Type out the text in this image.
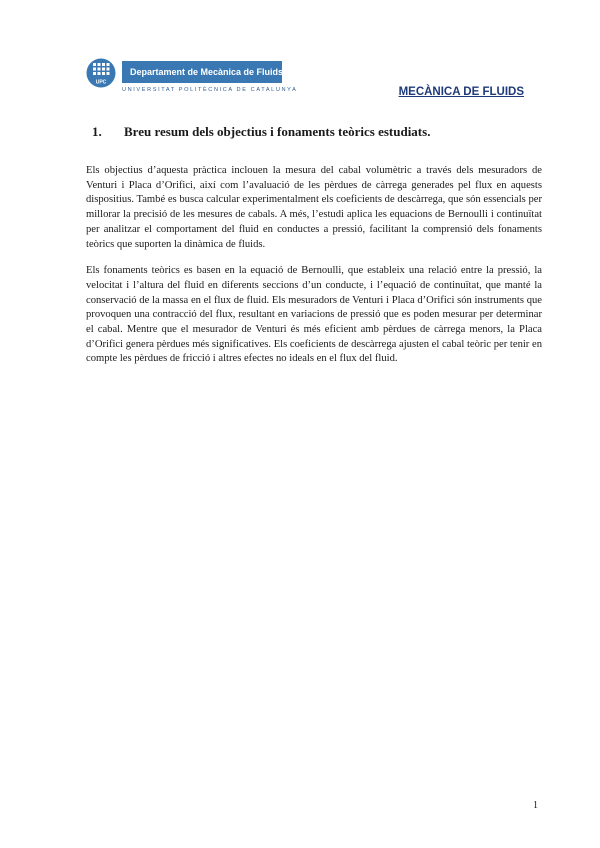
UPC
Departament de Mecànica de Fluids
UNIVERSITAT POLITÈCNICA DE CATALUNYA	MECÀNICA DE FLUIDS
1. Breu resum dels objectius i fonaments teòrics estudiats.

Els objectius d’aquesta pràctica inclouen la mesura del cabal volumètric a través dels mesuradors de Venturi i Placa d’Orifici, així com l’avaluació de les pèrdues de càrrega generades pel flux en aquests dispositius. També es busca calcular experimentalment els coeficients de descàrrega, que són essencials per millorar la precisió de les mesures de cabals. A més, l’estudi aplica les equacions de Bernoulli i continuïtat per analitzar el comportament del fluid en conductes a pressió, facilitant la comprensió dels fonaments teòrics que suporten la dinàmica de fluids.

Els fonaments teòrics es basen en la equació de Bernoulli, que estableix una relació entre la pressió, la velocitat i l’altura del fluid en diferents seccions d’un conducte, i l’equació de continuïtat, que manté la conservació de la massa en el flux de fluid. Els mesuradors de Venturi i Placa d’Orifici són instruments que provoquen una contracció del flux, resultant en variacions de pressió que es poden mesurar per determinar el cabal. Mentre que el mesurador de Venturi és més eficient amb pèrdues de càrrega menors, la Placa d’Orifici genera pèrdues més significatives. Els coeficients de descàrrega ajusten el cabal teòric per tenir en compte les pèrdues de fricció i altres efectes no ideals en el flux del fluid.

1
